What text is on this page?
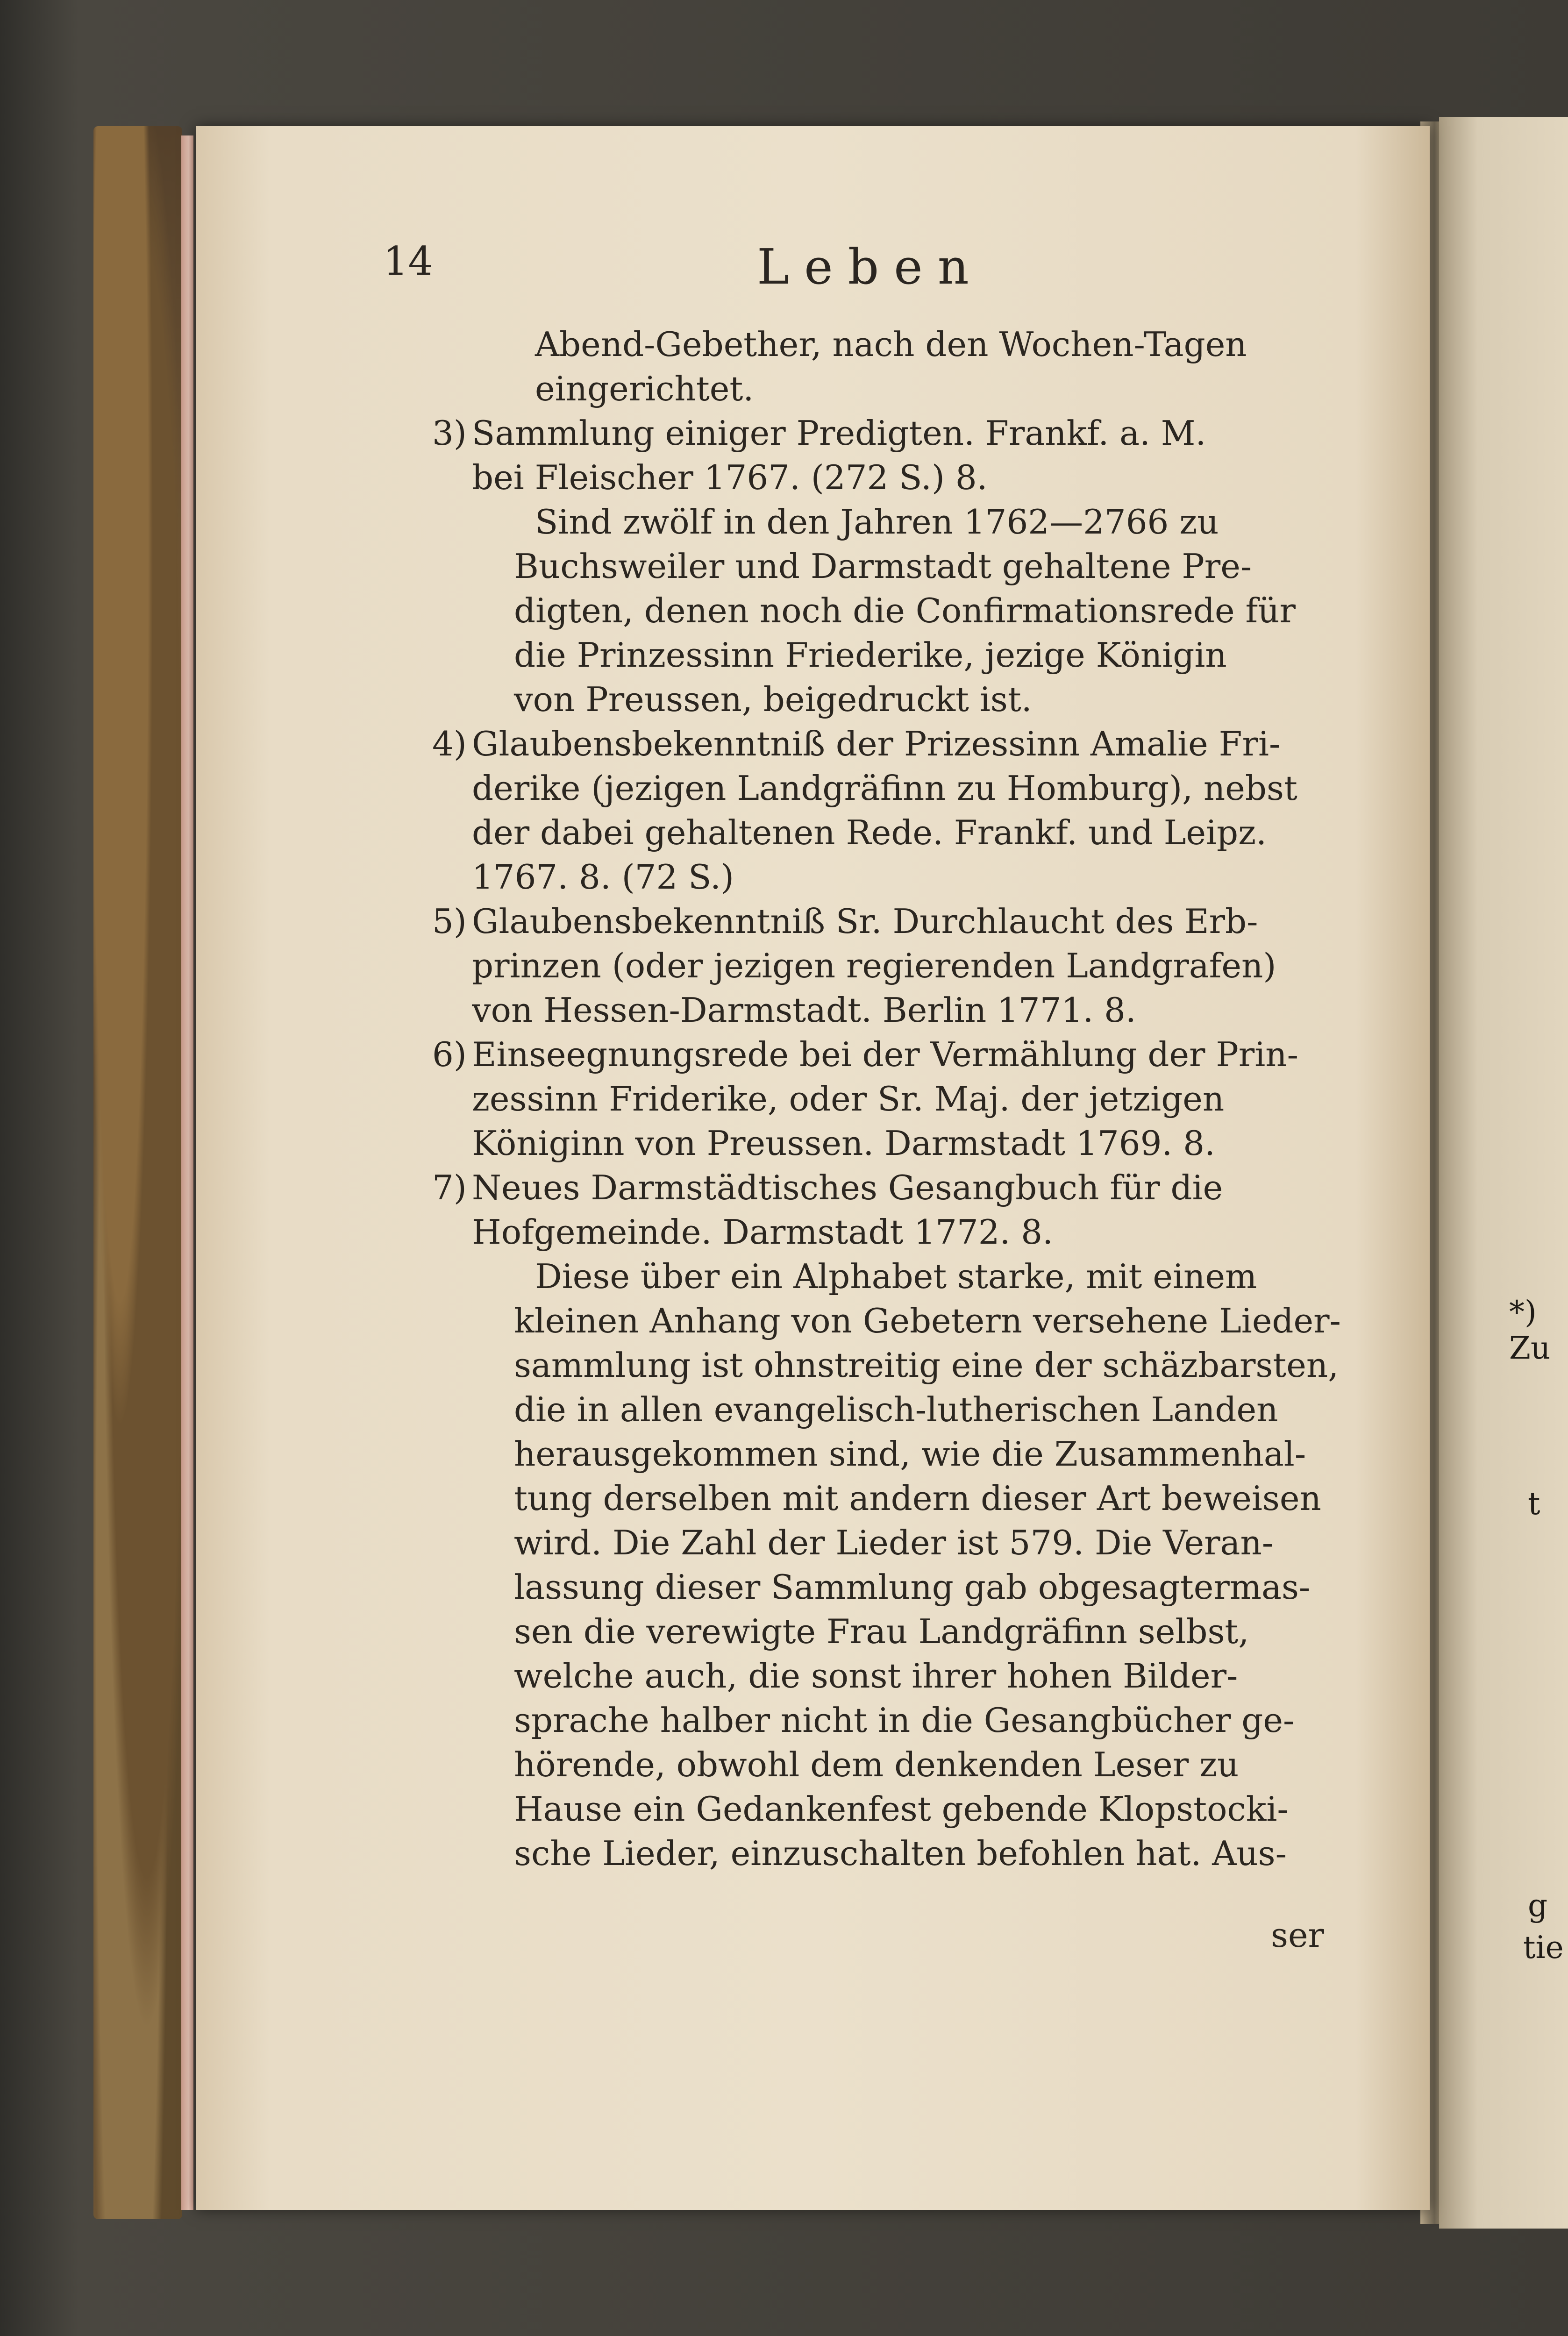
*) Zu
t
g
tie
14	Leben
Abend-Gebether, nach den Wochen-Tagen
eingerichtet.
3) Sammlung einiger Predigten. Frankf. a. M.
bei Fleischer 1767. (272 S.) 8.
Sind zwölf in den Jahren 1762—2766 zu
Buchsweiler und Darmstadt gehaltene Pre-
digten, denen noch die Confirmationsrede für
die Prinzessinn Friederike, jezige Königin
von Preussen, beigedruckt ist.
4) Glaubensbekenntniß der Prizessinn Amalie Fri-
derike (jezigen Landgräfinn zu Homburg), nebst
der dabei gehaltenen Rede. Frankf. und Leipz.
1767. 8. (72 S.)
5) Glaubensbekenntniß Sr. Durchlaucht des Erb-
prinzen (oder jezigen regierenden Landgrafen)
von Hessen-Darmstadt. Berlin 1771. 8.
6) Einseegnungsrede bei der Vermählung der Prin-
zessinn Friderike, oder Sr. Maj. der jetzigen
Königinn von Preussen. Darmstadt 1769. 8.
7) Neues Darmstädtisches Gesangbuch für die
Hofgemeinde. Darmstadt 1772. 8.
Diese über ein Alphabet starke, mit einem
kleinen Anhang von Gebetern versehene Lieder-
sammlung ist ohnstreitig eine der schäzbarsten,
die in allen evangelisch-lutherischen Landen
herausgekommen sind, wie die Zusammenhal-
tung derselben mit andern dieser Art beweisen
wird. Die Zahl der Lieder ist 579. Die Veran-
lassung dieser Sammlung gab obgesagtermas-
sen die verewigte Frau Landgräfinn selbst,
welche auch, die sonst ihrer hohen Bilder-
sprache halber nicht in die Gesangbücher ge-
hörende, obwohl dem denkenden Leser zu
Hause ein Gedankenfest gebende Klopstocki-
sche Lieder, einzuschalten befohlen hat. Aus-
ser
